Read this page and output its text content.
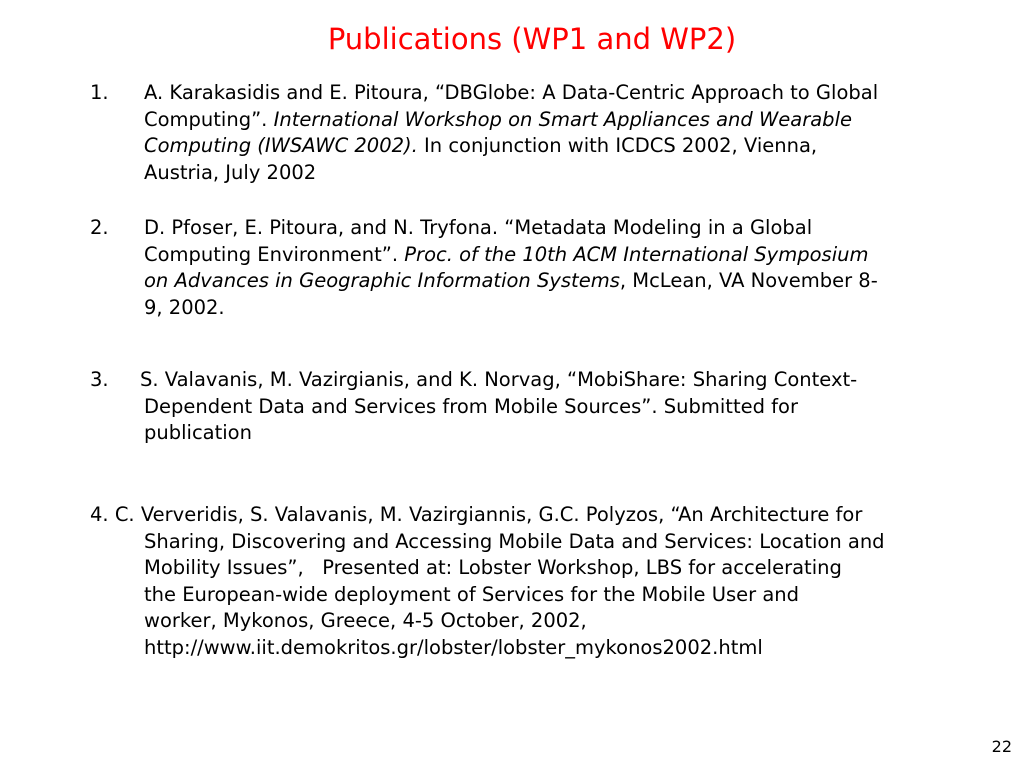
Publications (WP1 and WP2)
1. A. Karakasidis and E. Pitoura, “DBGlobe: A Data-Centric Approach to Global
Computing”. International Workshop on Smart Appliances and Wearable
Computing (IWSAWC 2002). In conjunction with ICDCS 2002, Vienna,
Austria, July 2002
2. D. Pfoser, E. Pitoura, and N. Tryfona. “Metadata Modeling in a Global
Computing Environment”. Proc. of the 10th ACM International Symposium
on Advances in Geographic Information Systems, McLean, VA November 8-
9, 2002.
3. S. Valavanis, M. Vazirgianis, and K. Norvag, “MobiShare: Sharing Context-
Dependent Data and Services from Mobile Sources”. Submitted for
publication
4. C. Ververidis, S. Valavanis, M. Vazirgiannis, G.C. Polyzos, “An Architecture for
Sharing, Discovering and Accessing Mobile Data and Services: Location and
Mobility Issues”,   Presented at: Lobster Workshop, LBS for accelerating
the European-wide deployment of Services for the Mobile User and
worker, Mykonos, Greece, 4-5 October, 2002,
http://www.iit.demokritos.gr/lobster/lobster_mykonos2002.html
22
